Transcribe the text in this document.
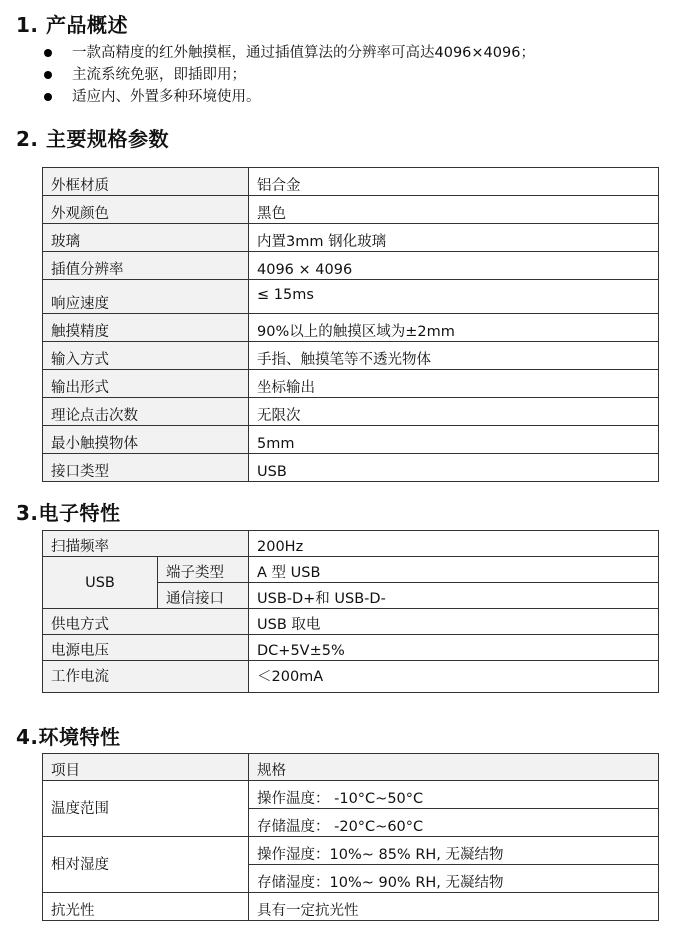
1. 产品概述
一款高精度的红外触摸框，通过插值算法的分辨率可高达4096×4096；
主流系统免驱，即插即用；
适应内、外置多种环境使用。
2. 主要规格参数
外框材质	铝合金
外观颜色	黑色
玻璃	内置3mm 钢化玻璃
插值分辨率	4096 × 4096
响应速度	≤ 15ms
触摸精度	90%以上的触摸区域为±2mm
输入方式	手指、触摸笔等不透光物体
输出形式	坐标输出
理论点击次数	无限次
最小触摸物体	5mm
接口类型	USB
3.电子特性
扫描频率		200Hz
USB	端子类型	A 型 USB
	通信接口	USB-D+和 USB-D-
供电方式		USB 取电
电源电压		DC+5V±5%
工作电流		＜200mA
4.环境特性
项目	规格
温度范围	操作温度： -10°C~50°C
	存储温度： -20°C~60°C
相对湿度	操作湿度：10%~ 85% RH, 无凝结物
	存储湿度：10%~ 90% RH, 无凝结物
抗光性	具有一定抗光性
